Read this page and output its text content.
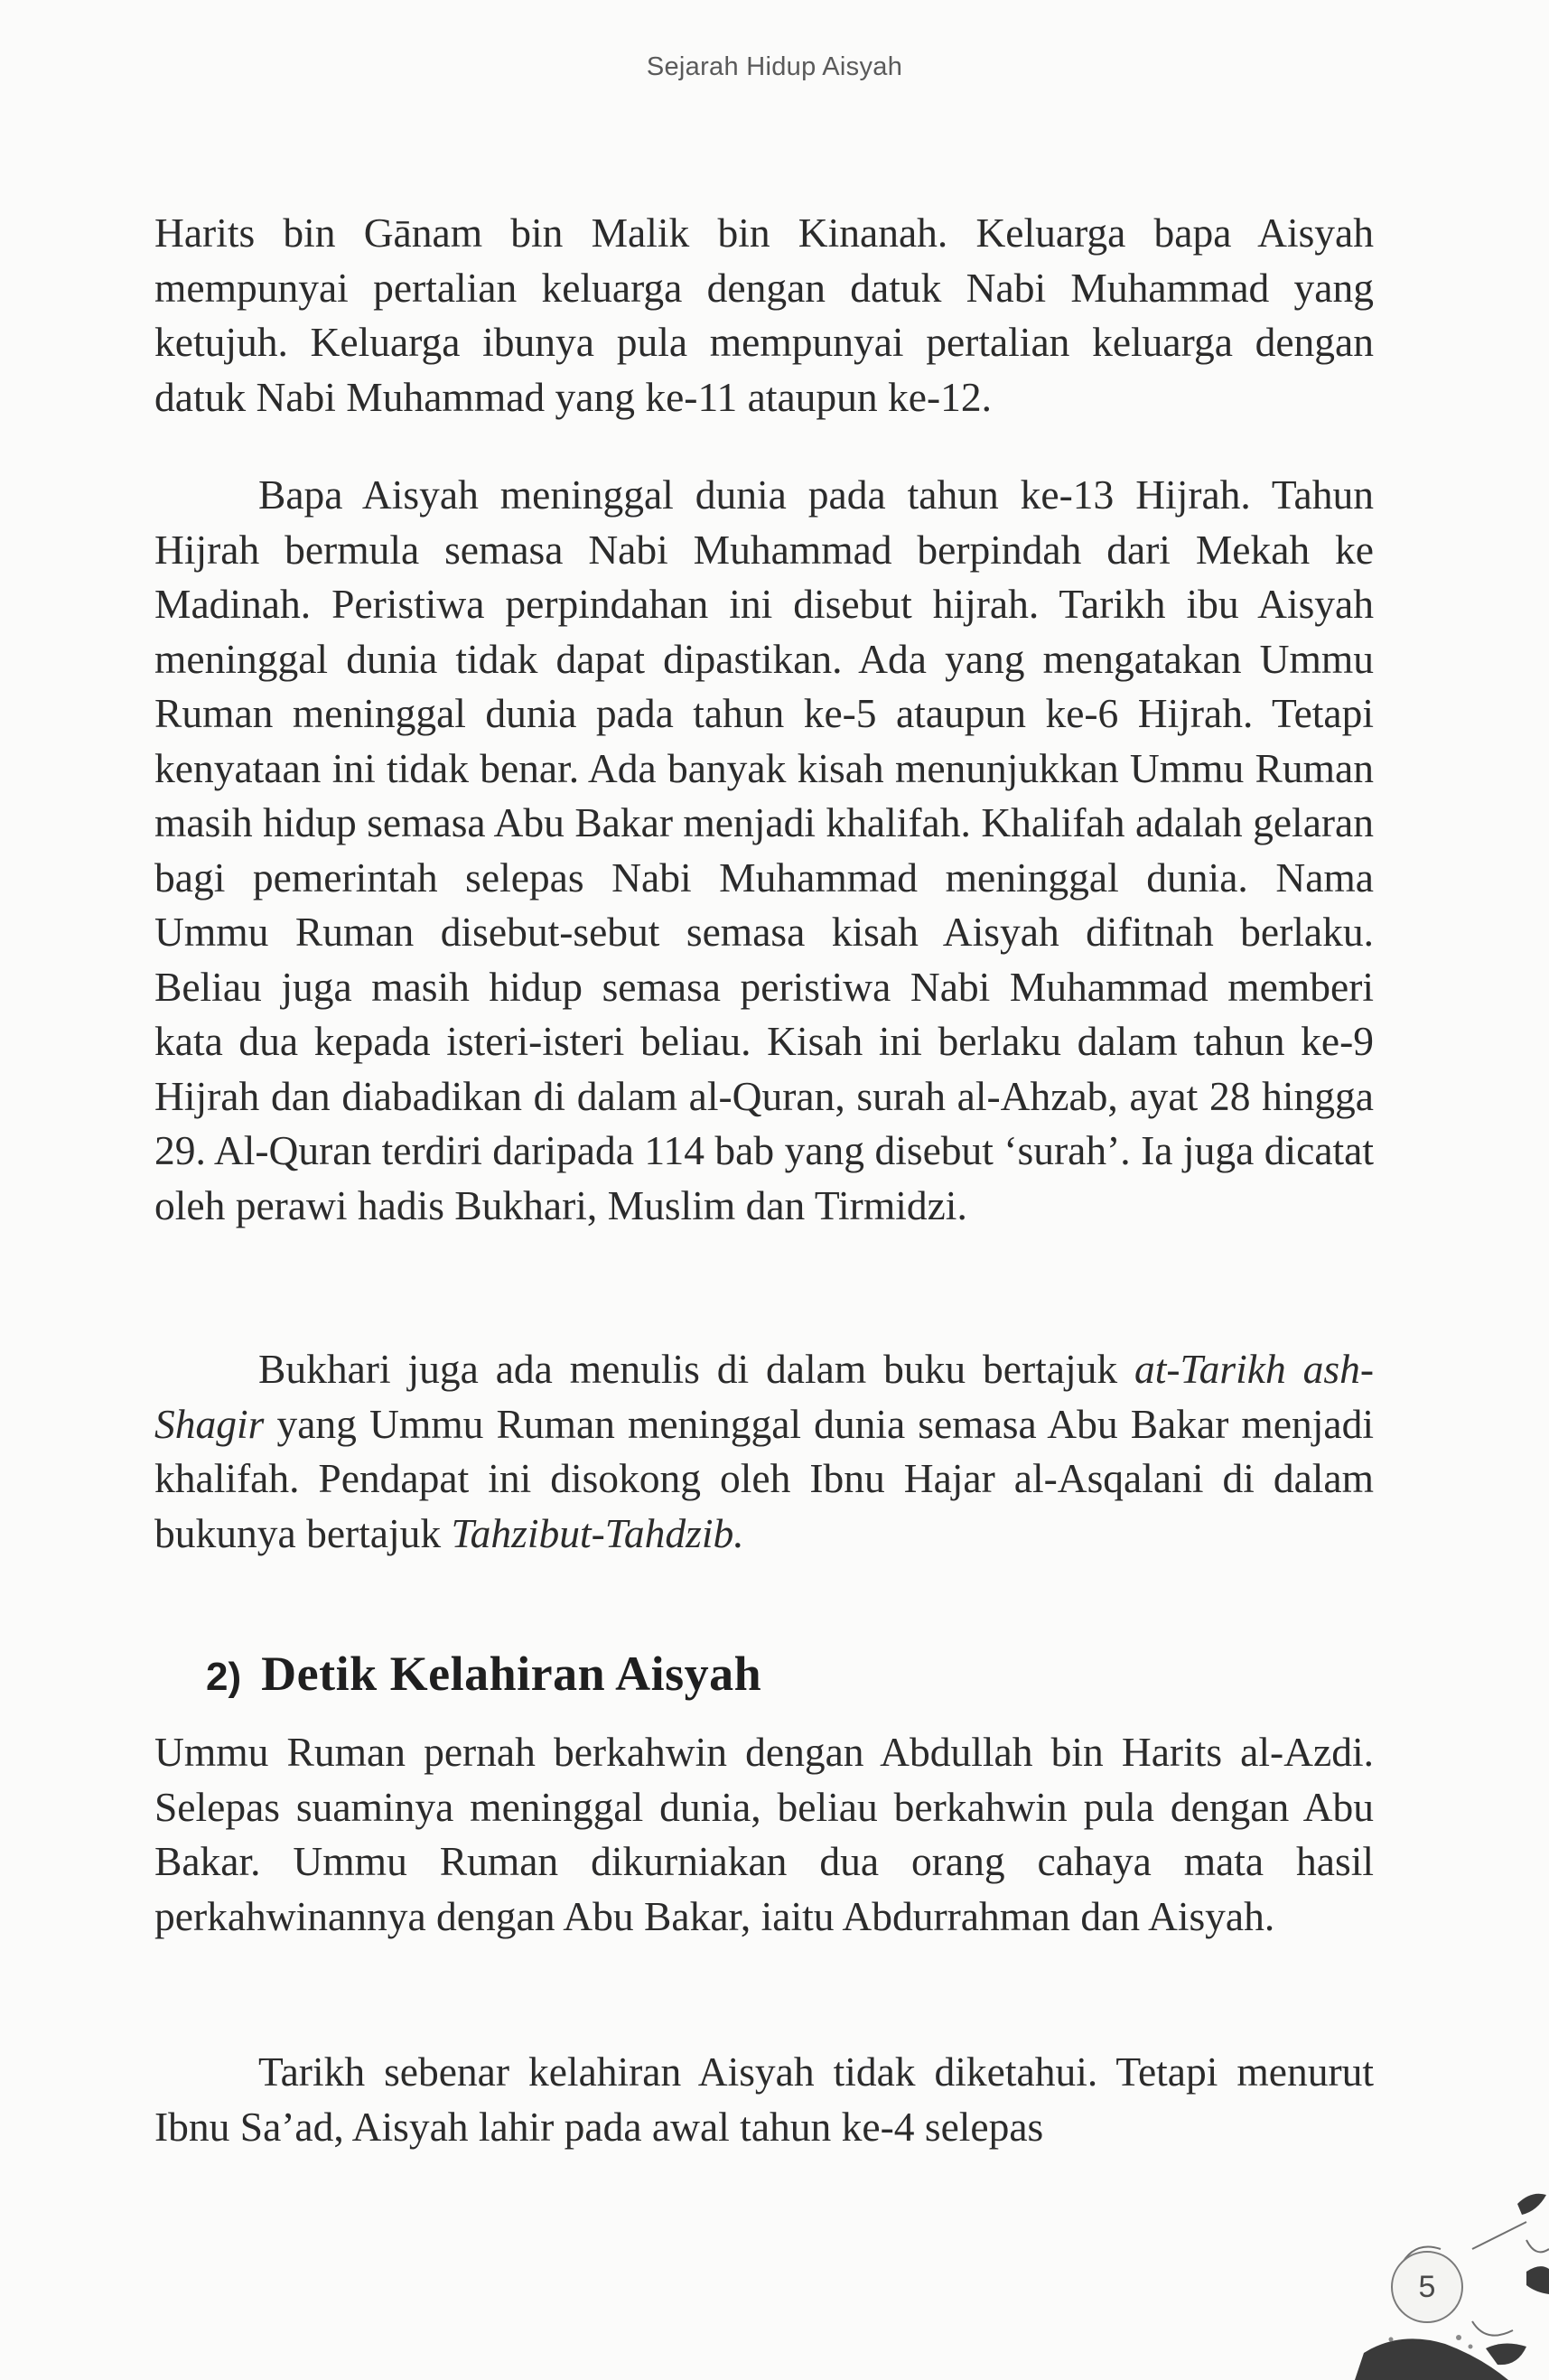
Sejarah Hidup Aisyah

Harits bin Gānam bin Malik bin Kinanah. Keluarga bapa Aisyah mempunyai pertalian keluarga dengan datuk Nabi Muhammad yang ketujuh. Keluarga ibunya pula mempunyai pertalian keluarga dengan datuk Nabi Muhammad yang ke-11 ataupun ke-12.

Bapa Aisyah meninggal dunia pada tahun ke-13 Hijrah. Tahun Hijrah bermula semasa Nabi Muhammad berpindah dari Mekah ke Madinah. Peristiwa perpindahan ini disebut hijrah. Tarikh ibu Aisyah meninggal dunia tidak dapat dipastikan. Ada yang mengatakan Ummu Ruman meninggal dunia pada tahun ke-5 ataupun ke-6 Hijrah. Tetapi kenyataan ini tidak benar. Ada banyak kisah menunjukkan Ummu Ruman masih hidup semasa Abu Bakar menjadi khalifah. Khalifah adalah gelaran bagi pemerintah selepas Nabi Muhammad meninggal dunia. Nama Ummu Ruman disebut-sebut semasa kisah Aisyah difitnah berlaku. Beliau juga masih hidup semasa peristiwa Nabi Muhammad memberi kata dua kepada isteri-isteri beliau. Kisah ini berlaku dalam tahun ke-9 Hijrah dan diabadikan di dalam al-Quran, surah al-Ahzab, ayat 28 hingga 29. Al-Quran terdiri daripada 114 bab yang disebut ‘surah’. Ia juga dicatat oleh perawi hadis Bukhari, Muslim dan Tirmidzi.

Bukhari juga ada menulis di dalam buku bertajuk at-Tarikh ash-Shagir yang Ummu Ruman meninggal dunia semasa Abu Bakar menjadi khalifah. Pendapat ini disokong oleh Ibnu Hajar al-Asqalani di dalam bukunya bertajuk Tahzibut-Tahdzib.

2) Detik Kelahiran Aisyah

Ummu Ruman pernah berkahwin dengan Abdullah bin Harits al-Azdi. Selepas suaminya meninggal dunia, beliau berkahwin pula dengan Abu Bakar. Ummu Ruman dikurniakan dua orang cahaya mata hasil perkahwinannya dengan Abu Bakar, iaitu Abdurrahman dan Aisyah.

Tarikh sebenar kelahiran Aisyah tidak diketahui. Tetapi menurut Ibnu Sa’ad, Aisyah lahir pada awal tahun ke-4 selepas

5
